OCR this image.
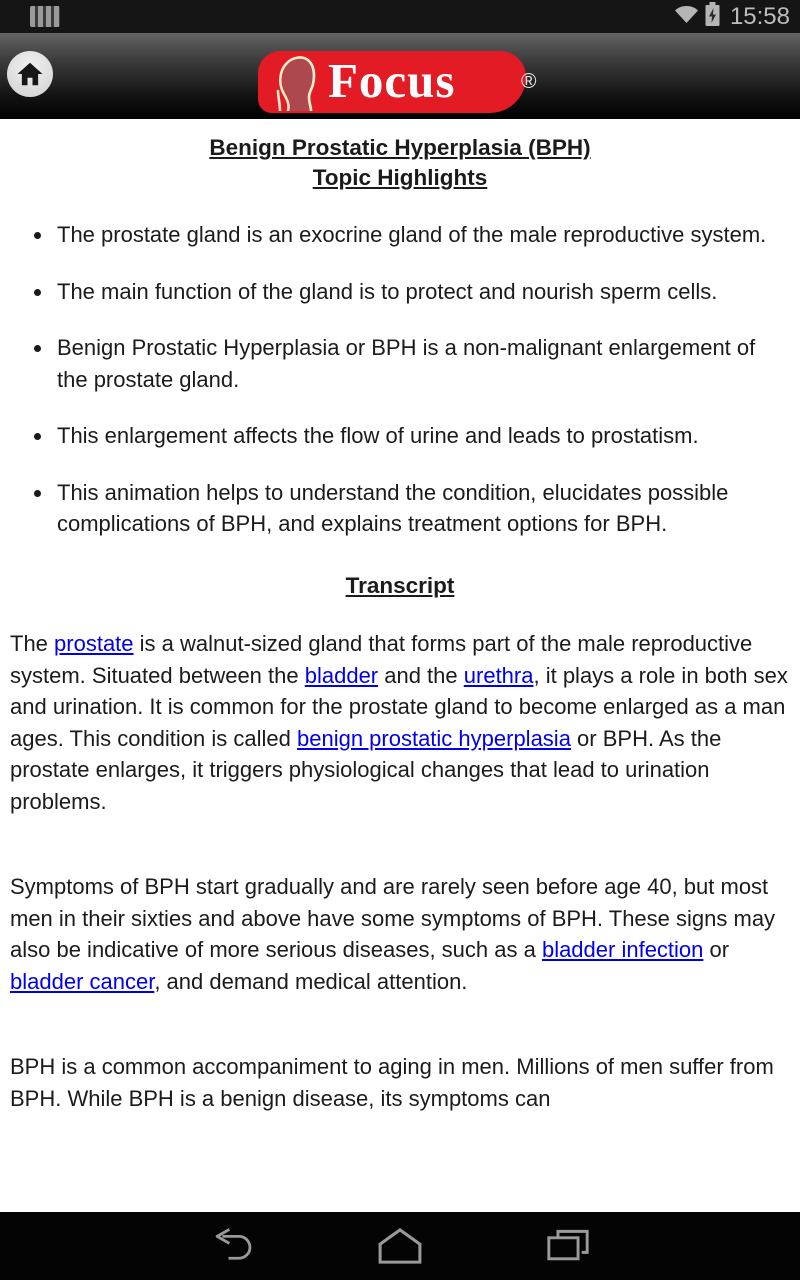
15:58
Focus	®
Benign Prostatic Hyperplasia (BPH)
Topic Highlights
• The prostate gland is an exocrine gland of the male reproductive system.
• The main function of the gland is to protect and nourish sperm cells.
• Benign Prostatic Hyperplasia or BPH is a non-malignant enlargement of the prostate gland.
• This enlargement affects the flow of urine and leads to prostatism.
• This animation helps to understand the condition, elucidates possible complications of BPH, and explains treatment options for BPH.
Transcript

The prostate is a walnut-sized gland that forms part of the male reproductive system. Situated between the bladder and the urethra, it plays a role in both sex and urination. It is common for the prostate gland to become enlarged as a man ages. This condition is called benign prostatic hyperplasia or BPH. As the prostate enlarges, it triggers physiological changes that lead to urination problems.

Symptoms of BPH start gradually and are rarely seen before age 40, but most men in their sixties and above have some symptoms of BPH. These signs may also be indicative of more serious diseases, such as a bladder infection or bladder cancer, and demand medical attention.

BPH is a common accompaniment to aging in men. Millions of men suffer from BPH. While BPH is a benign disease, its symptoms can
